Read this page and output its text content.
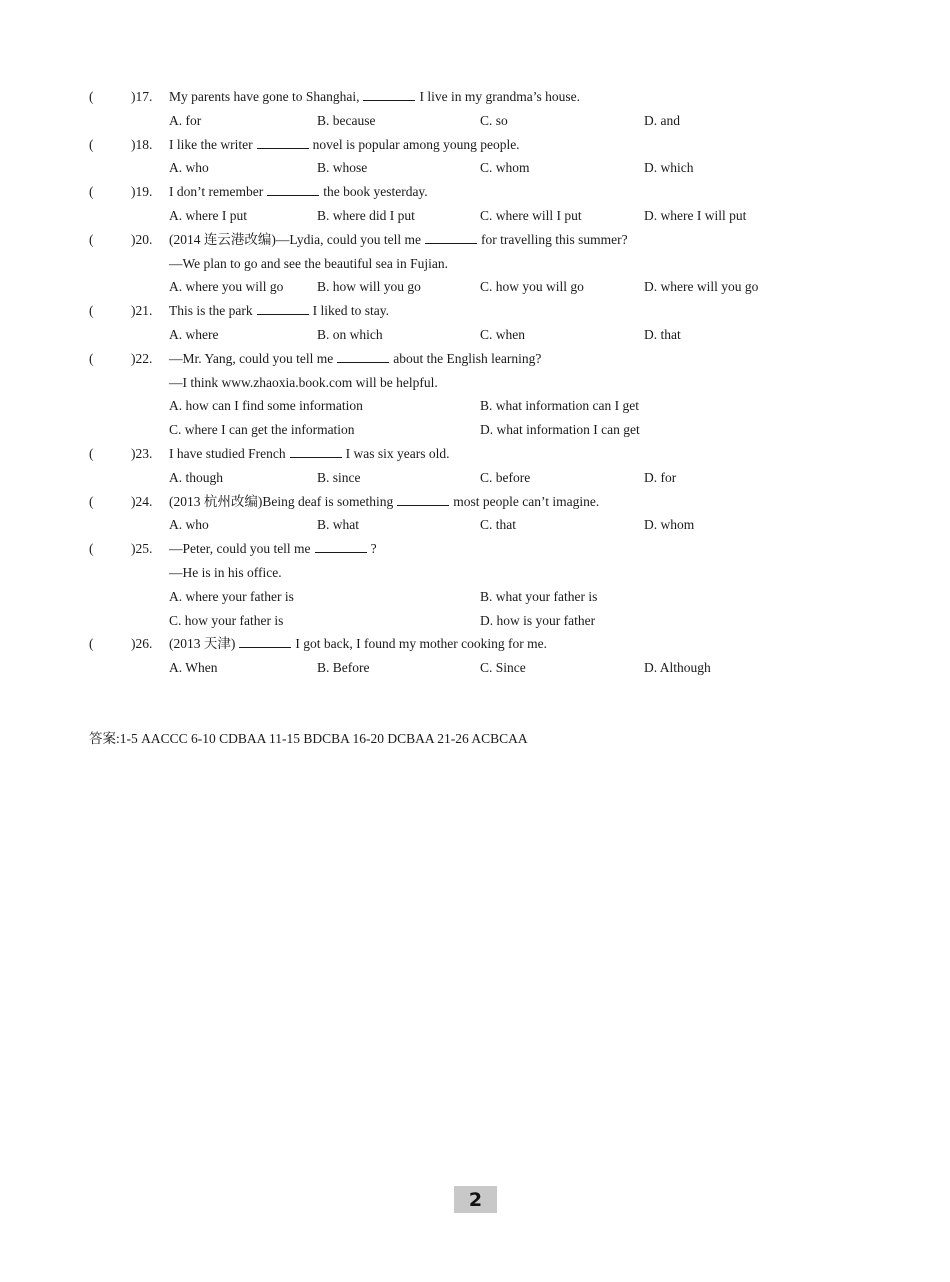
(	)17. My parents have gone to Shanghai,	I live in my grandma’s house.
A. for	B. because	C. so	D. and
(	)18. I like the writer	novel is popular among young people.
A. who	B. whose	C. whom	D. which
(	)19. I don’t remember	the book yesterday.
A. where I put	B. where did I put	C. where will I put	D. where I will put
(	)20. (2014 连云港改编)—Lydia, could you tell me	for travelling this summer?
—We plan to go and see the beautiful sea in Fujian.
A. where you will go B. how will you go	C. how you will go	D. where will you go
(	)21. This is the park	I liked to stay.
A. where	B. on which	C. when	D. that
(	)22. —Mr. Yang, could you tell me	about the English learning?
—I think www.zhaoxia.book.com will be helpful.
A. how can I find some information	B. what information can I get
C. where I can get the information	D. what information I can get
(	)23. I have studied French	I was six years old.
A. though	B. since	C. before	D. for
(	)24. (2013 杭州改编)Being deaf is something	most people can’t imagine.
A. who	B. what	C. that	D. whom
(	)25. —Peter, could you tell me	?
—He is in his office.
A. where your father is	B. what your father is
C. how your father is	D. how is your father
(	)26. (2013 天津)	I got back, I found my mother cooking for me.
A. When	B. Before	C. Since	D. Although
答案:1-5 AACCC 6-10 CDBAA 11-15 BDCBA 16-20 DCBAA 21-26 ACBCAA
2
